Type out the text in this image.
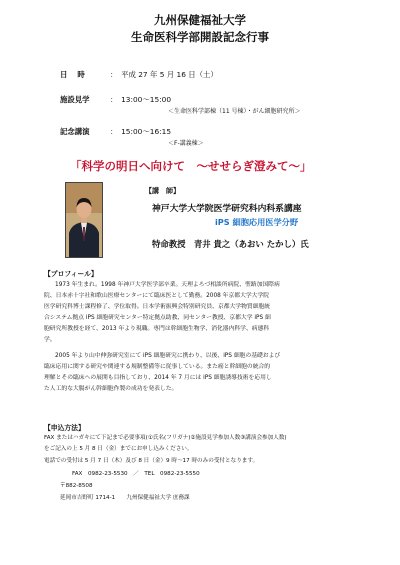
九州保健福祉大学
生命医科学部開設記念行事
日　 時	：　平成 27 年 5 月 16 日（土）
施設見学	：　13:00～15:00
＜生命医科学部棟（11 号棟）・がん細胞研究所＞
記念講演	：　15:00～16:15
＜F-講義棟＞
「科学の明日へ向けて　～せせらぎ澄みて～」
【講　師】
神戸大学大学院医学研究科内科系講座
iPS 細胞応用医学分野
特命教授　青井 貴之（あおい たかし）氏
【プロフィール】
1973 年生まれ。1998 年神戸大学医学部卒業。天理よろづ相談所病院、聖路加国際病
院、日本赤十字社和歌山医療センターにて臨床医として勤務。2008 年京都大学大学院
医学研究科博士課程修了、学位取得。日本学術振興会特別研究員、京都大学物質細胞統
合システム拠点 iPS 細胞研究センター特定拠点助教、同センター教授、京都大学 iPS 細
胞研究所教授を経て、2013 年より現職。専門は幹細胞生物学、消化器内科学、病態科
学。
2005 年より山中伸弥研究室にて iPS 細胞研究に携わり、以後、iPS 細胞の基礎および
臨床応用に関する研究や関連する規制整備等に従事している。また癌と幹細胞の統合的
理解とその臨床への展開も目指しており、2014 年 7 月には iPS 細胞誘導技術を応用し
た人工的な大腸がん幹細胞作製の成功を発表した。
【申込方法】
FAX またはハガキにて下記まで必要事項(①氏名(フリガナ)②施設見学参加人数③講演会参加人数)
をご記入の上 5 月 8 日（金）までにお申し込みください。
電話での受付は 5 月 7 日（木）及び 8 日（金）9 時～17 時のみの受付となります。
FAX　0982-23-5530　／　TEL　0982-23-5550
〒882-8508
延岡市吉野町 1714-1　　九州保健福祉大学 庶務課
